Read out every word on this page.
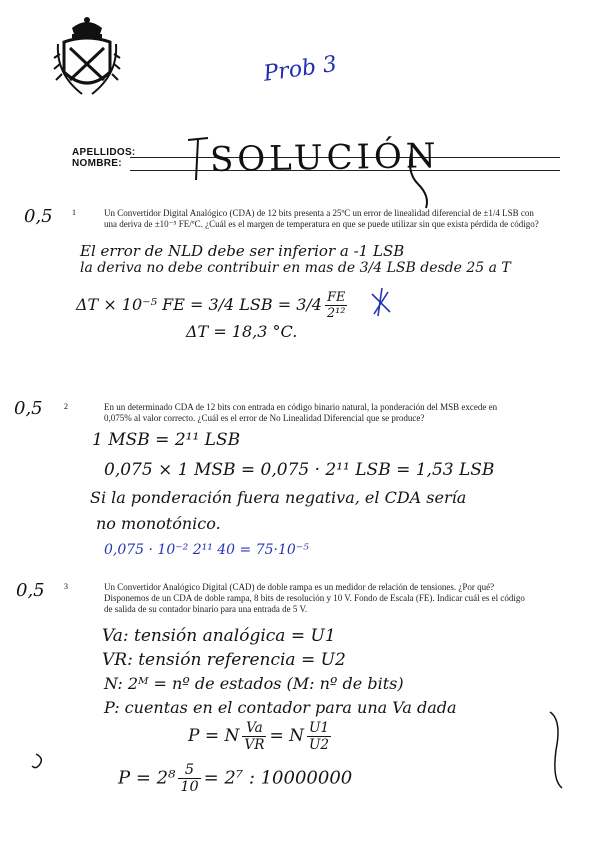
Prob 3
APELLIDOS:
NOMBRE:	SOLUCIÓN
0,5 1	Un Convertidor Digital Analógico (CDA) de 12 bits presenta a 25ºC un error de linealidad diferencial de ±1/4 LSB con una deriva de ±10⁻⁵ FE/ºC. ¿Cuál es el margen de temperatura en que se puede utilizar sin que exista pérdida de código?
El error de NLD debe ser inferior a -1 LSB
la deriva no debe contribuir en mas de 3/4 LSB desde 25 a T
ΔT × 10⁻⁵ FE = 3/4 LSB = $3/4 \frac{FE}{\text{2¹²}}$
ΔT = 18,3 °C.
0,5	2	En un determinado CDA de 12 bits con entrada en código binario natural, la ponderación del MSB excede en 0,075% al valor correcto. ¿Cuál es el error de No Linealidad Diferencial que se produce?
1 MSB = 2¹¹ LSB
0,075 × 1 MSB = 0,075 · 2¹¹ LSB = 1,53 LSB
Si la ponderación fuera negativa, el CDA sería
no monotónico.
0,075 · 10⁻² 2¹¹ 40 = 75·10⁻⁵
0,5 3	Un Convertidor Analógico Digital (CAD) de doble rampa es un medidor de relación de tensiones. ¿Por qué? Disponemos de un CDA de doble rampa, 8 bits de resolución y 10 V. Fondo de Escala (FE). Indicar cuál es el código de salida de su contador binario para una entrada de 5 V.
Va: tensión analógica = U1
VR: tensión referencia = U2
N: 2ᴹ = nº de estados (M: nº de bits)
P: cuentas en el contador para una Va dada
P = N $\frac{Va}{VR} = N \frac{U1}{U2}$
$P = 2^8 \frac{5}{10} = 2^7$ : 10000000
